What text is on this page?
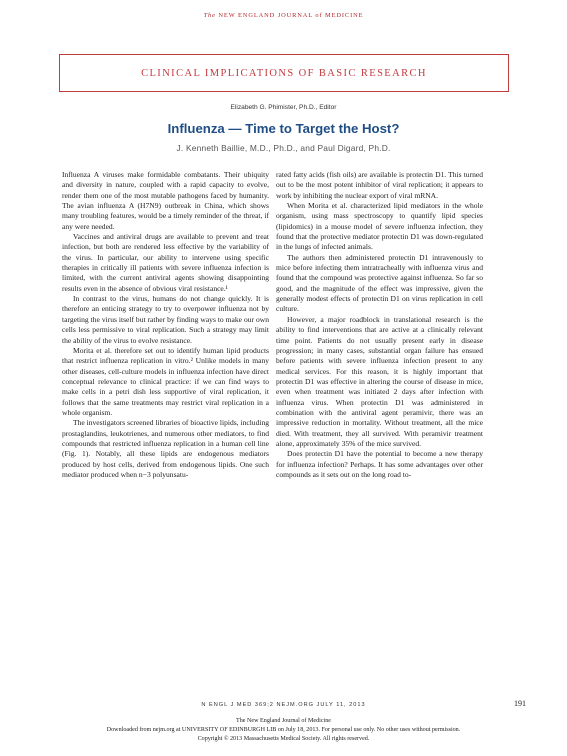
The NEW ENGLAND JOURNAL of MEDICINE
CLINICAL IMPLICATIONS OF BASIC RESEARCH
Elizabeth G. Phimister, Ph.D., Editor
Influenza — Time to Target the Host?
J. Kenneth Baillie, M.D., Ph.D., and Paul Digard, Ph.D.

Influenza A viruses make formidable combatants. Their ubiquity and diversity in nature, coupled with a rapid capacity to evolve, render them one of the most mutable pathogens faced by humanity. The avian influenza A (H7N9) outbreak in China, which shows many troubling features, would be a timely reminder of the threat, if any were needed.

Vaccines and antiviral drugs are available to prevent and treat infection, but both are rendered less effective by the variability of the virus. In particular, our ability to intervene using specific therapies in critically ill patients with severe influenza infection is limited, with the current antiviral agents showing disappointing results even in the absence of obvious viral resistance.¹

In contrast to the virus, humans do not change quickly. It is therefore an enticing strategy to try to overpower influenza not by targeting the virus itself but rather by finding ways to make our own cells less permissive to viral replication. Such a strategy may limit the ability of the virus to evolve resistance.

Morita et al. therefore set out to identify human lipid products that restrict influenza replication in vitro.² Unlike models in many other diseases, cell-culture models in influenza infection have direct conceptual relevance to clinical practice: if we can find ways to make cells in a petri dish less supportive of viral replication, it follows that the same treatments may restrict viral replication in a whole organism.

The investigators screened libraries of bioactive lipids, including prostaglandins, leukotrienes, and numerous other mediators, to find compounds that restricted influenza replication in a human cell line (Fig. 1). Notably, all these lipids are endogenous mediators produced by host cells, derived from endogenous lipids. One such mediator produced when n−3 polyunsatu-

rated fatty acids (fish oils) are available is protectin D1. This turned out to be the most potent inhibitor of viral replication; it appears to work by inhibiting the nuclear export of viral mRNA.

When Morita et al. characterized lipid mediators in the whole organism, using mass spectroscopy to quantify lipid species (lipidomics) in a mouse model of severe influenza infection, they found that the protective mediator protectin D1 was down-regulated in the lungs of infected animals.

The authors then administered protectin D1 intravenously to mice before infecting them intratracheally with influenza virus and found that the compound was protective against influenza. So far so good, and the magnitude of the effect was impressive, given the generally modest effects of protectin D1 on virus replication in cell culture.

However, a major roadblock in translational research is the ability to find interventions that are active at a clinically relevant time point. Patients do not usually present early in disease progression; in many cases, substantial organ failure has ensued before patients with severe influenza infection present to any medical services. For this reason, it is highly important that protectin D1 was effective in altering the course of disease in mice, even when treatment was initiated 2 days after infection with influenza virus. When protectin D1 was administered in combination with the antiviral agent peramivir, there was an impressive reduction in mortality. Without treatment, all the mice died. With treatment, they all survived. With peramivir treatment alone, approximately 35% of the mice survived.

Does protectin D1 have the potential to become a new therapy for influenza infection? Perhaps. It has some advantages over other compounds as it sets out on the long road to-

N ENGL J MED 369;2 NEJM.ORG JULY 11, 2013	191
The New England Journal of Medicine
Downloaded from nejm.org at UNIVERSITY OF EDINBURGH LIB on July 18, 2013. For personal use only. No other uses without permission.
Copyright © 2013 Massachusetts Medical Society. All rights reserved.
